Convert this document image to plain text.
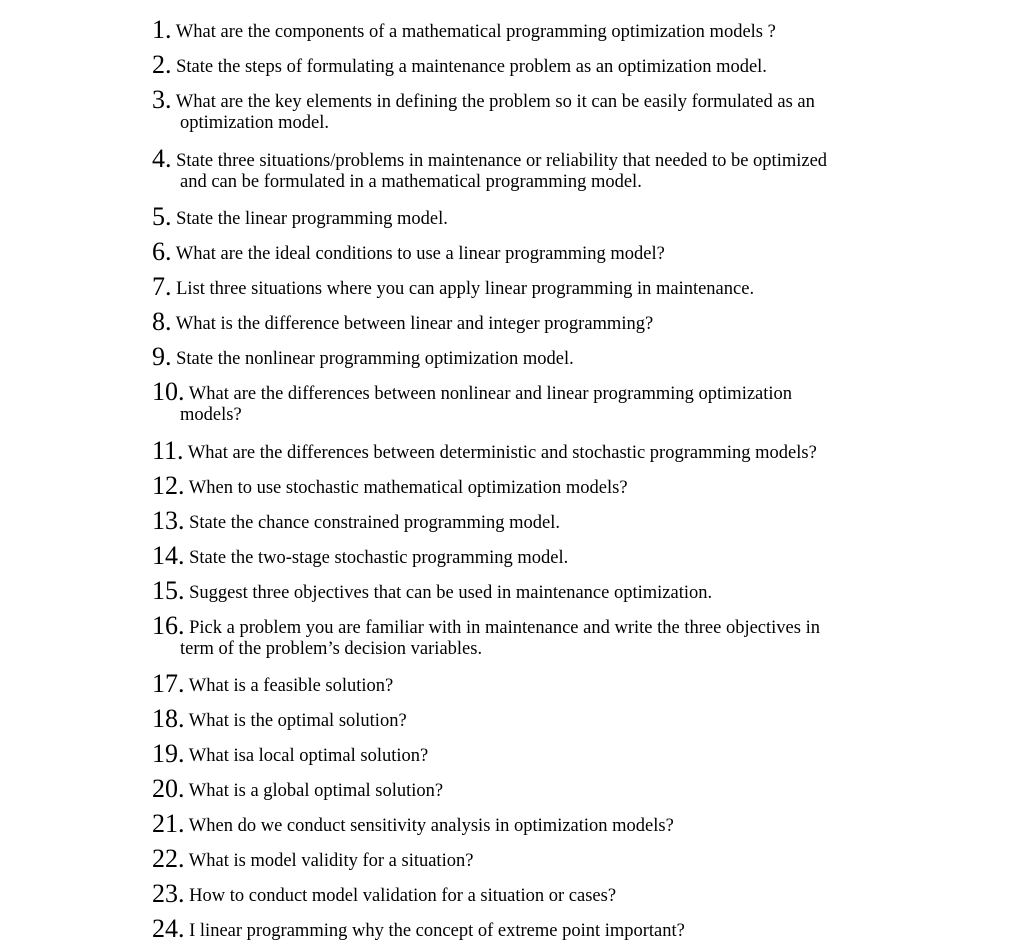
1. What are the components of a mathematical programming optimization models ?
2. State the steps of formulating a maintenance problem as an optimization model.
3. What are the key elements in defining the problem so it can be easily formulated as an
optimization model.
4. State three situations/problems in maintenance or reliability that needed to be optimized
and can be formulated in a mathematical programming model.
5. State the linear programming model.
6. What are the ideal conditions to use a linear programming model?
7. List three situations where you can apply linear programming in maintenance.
8. What is the difference between linear and integer programming?
9. State the nonlinear programming optimization model.
10. What are the differences between nonlinear and linear programming optimization
models?
11. What are the differences between deterministic and stochastic programming models?
12. When to use stochastic mathematical optimization models?
13. State the chance constrained programming model.
14. State the two-stage stochastic programming model.
15. Suggest three objectives that can be used in maintenance optimization.
16. Pick a problem you are familiar with in maintenance and write the three objectives in
term of the problem’s decision variables.
17. What is a feasible solution?
18. What is the optimal solution?
19. What isa local optimal solution?
20. What is a global optimal solution?
21. When do we conduct sensitivity analysis in optimization models?
22. What is model validity for a situation?
23. How to conduct model validation for a situation or cases?
24. I linear programming why the concept of extreme point important?
